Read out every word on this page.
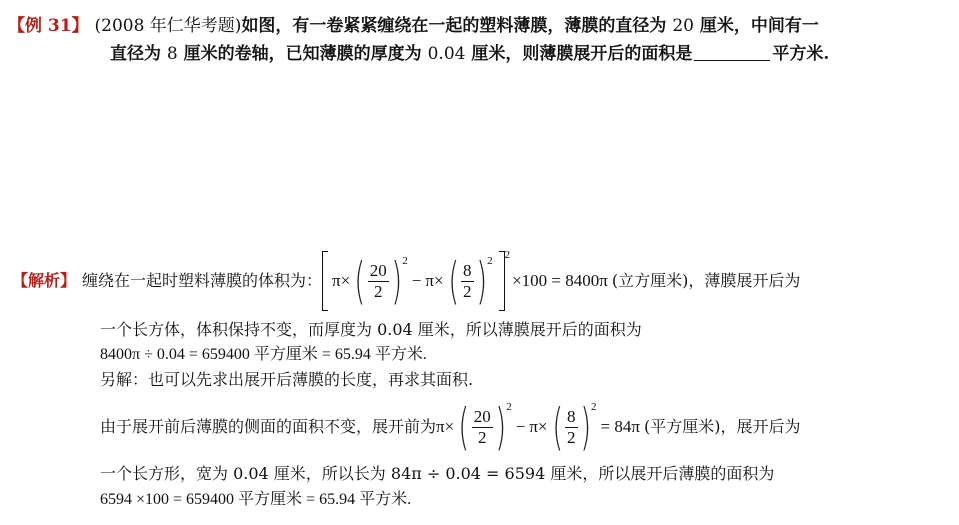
【例 31】 (2008 年仁华考题)如图，有一卷紧紧缠绕在一起的塑料薄膜，薄膜的直径为 20 厘米，中间有一
直径为 8 厘米的卷轴，已知薄膜的厚度为 0.04 厘米，则薄膜展开后的面积是	平方米.
【解析】 缠绕在一起时塑料薄膜的体积为： π × ( $\frac{20}{2}$ ) 2
− π × ( $\frac{8}{2}$ ) 2 2
×100 = 8400π (立方厘米) ，薄膜展开后为
一个长方体，体积保持不变，而厚度为 0.04 厘米，所以薄膜展开后的面积为
8400π ÷ 0.04 = 659400 平方厘米 = 65.94 平方米.
另解：也可以先求出展开后薄膜的长度，再求其面积.
由于展开前后薄膜的侧面的面积不变，展开前为 π × ( $\frac{20}{2}$ ) 2
− π × ( $\frac{8}{2}$ ) 2
= 84π (平方厘米) ，展开后为
一个长方形，宽为 0.04 厘米，所以长为 84π ÷ 0.04 = 6594 厘米，所以展开后薄膜的面积为
6594 ×100 = 659400 平方厘米 = 65.94 平方米.
